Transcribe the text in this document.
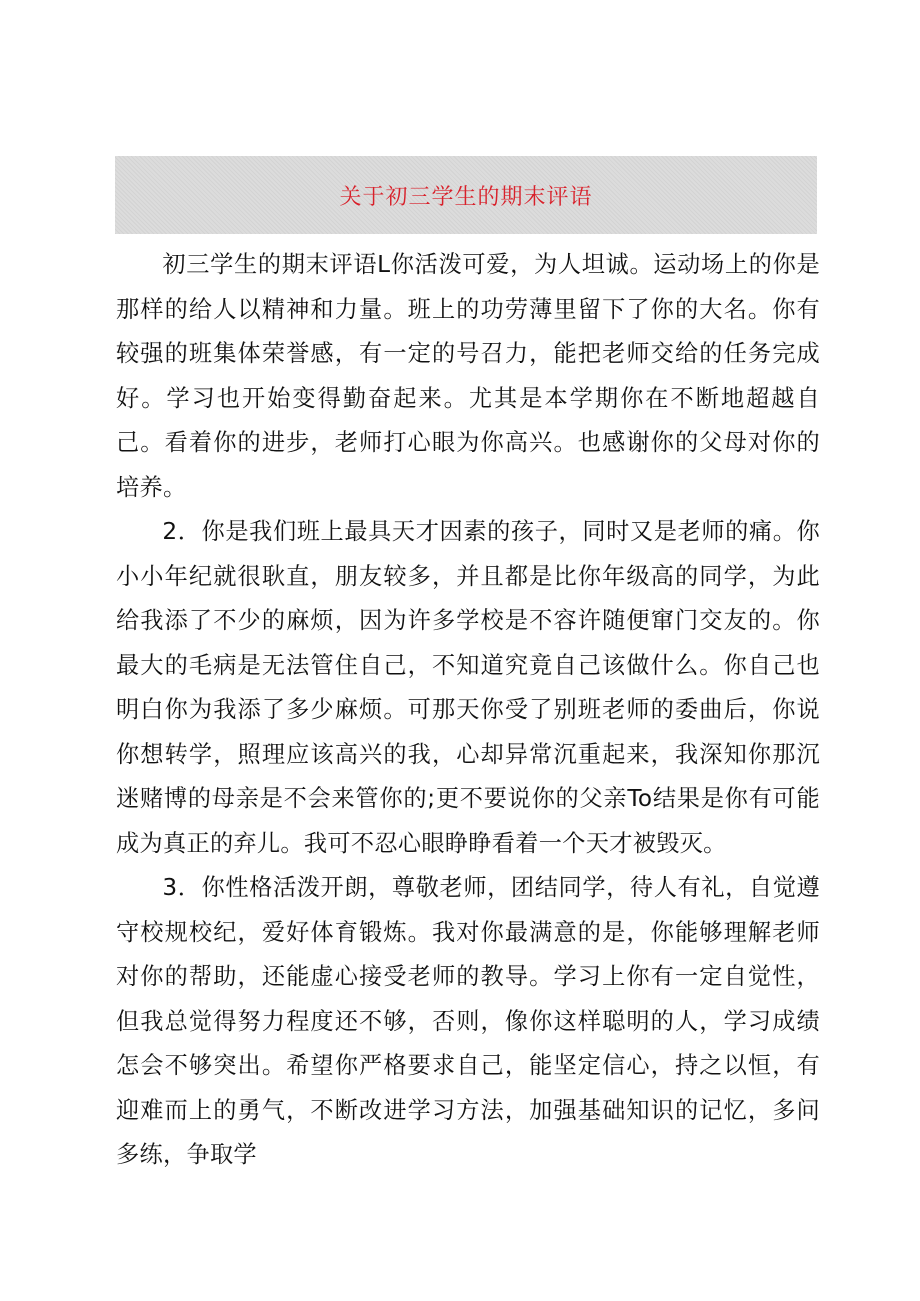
关于初三学生的期末评语

初三学生的期末评语L你活泼可爱，为人坦诚。运动场上的你是那样的给人以精神和力量。班上的功劳薄里留下了你的大名。你有较强的班集体荣誉感，有一定的号召力，能把老师交给的任务完成好。学习也开始变得勤奋起来。尤其是本学期你在不断地超越自己。看着你的进步，老师打心眼为你高兴。也感谢你的父母对你的培养。

2．你是我们班上最具天才因素的孩子，同时又是老师的痛。你小小年纪就很耿直，朋友较多，并且都是比你年级高的同学，为此给我添了不少的麻烦，因为许多学校是不容许随便窜门交友的。你最大的毛病是无法管住自己，不知道究竟自己该做什么。你自己也明白你为我添了多少麻烦。可那天你受了别班老师的委曲后，你说你想转学，照理应该高兴的我，心却异常沉重起来，我深知你那沉迷赌博的母亲是不会来管你的;更不要说你的父亲To结果是你有可能成为真正的弃儿。我可不忍心眼睁睁看着一个天才被毁灭。

3．你性格活泼开朗，尊敬老师，团结同学，待人有礼，自觉遵守校规校纪，爱好体育锻炼。我对你最满意的是，你能够理解老师对你的帮助，还能虚心接受老师的教导。学习上你有一定自觉性，但我总觉得努力程度还不够，否则，像你这样聪明的人，学习成绩怎会不够突出。希望你严格要求自己，能坚定信心，持之以恒，有迎难而上的勇气，不断改进学习方法，加强基础知识的记忆，多问多练，争取学
